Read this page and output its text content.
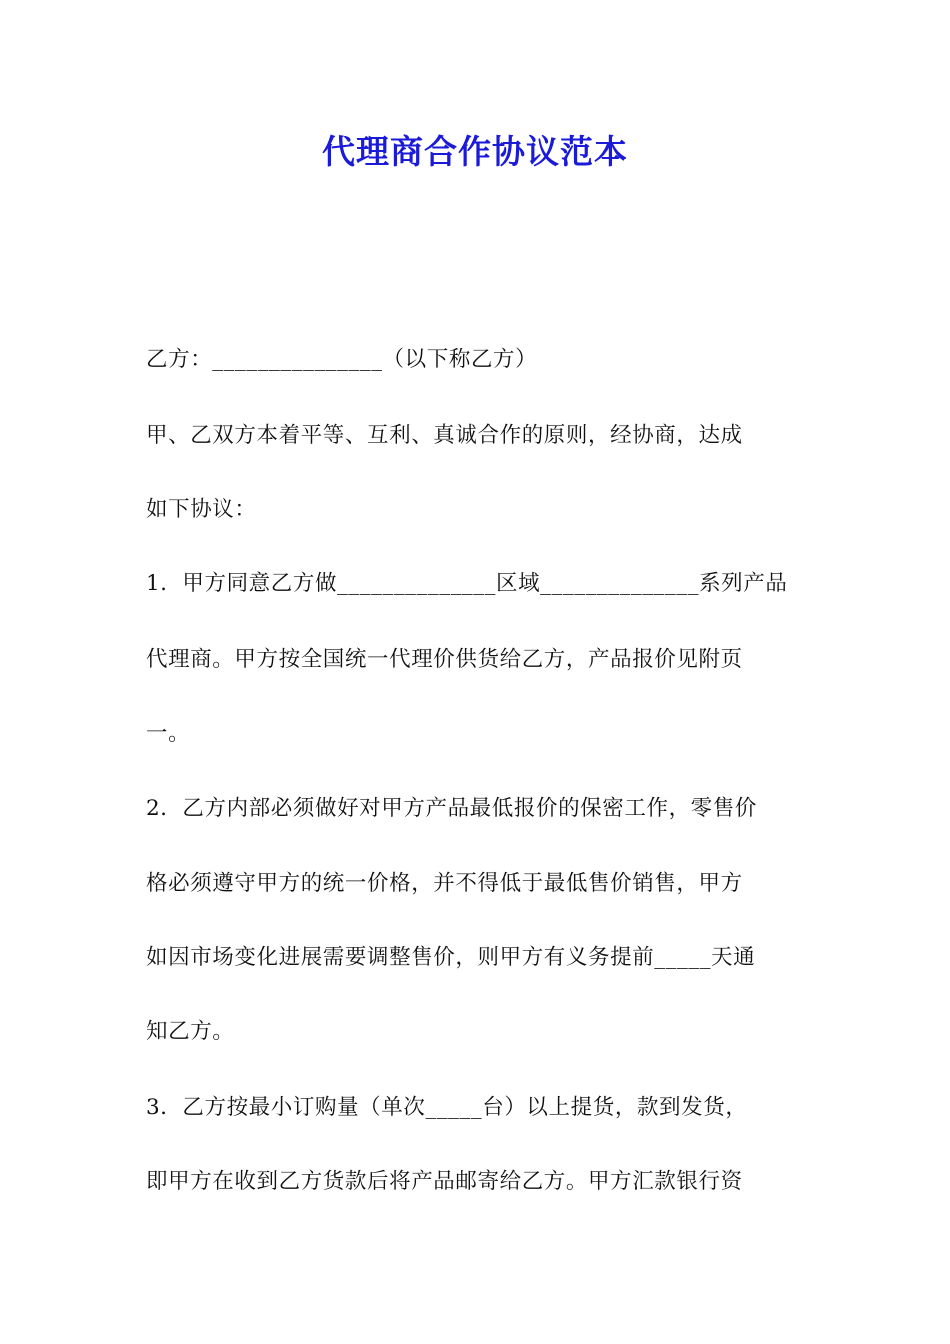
代理商合作协议范本
乙方：_______________（以下称乙方）
甲、乙双方本着平等、互利、真诚合作的原则，经协商，达成
如下协议：
1．甲方同意乙方做______________区域______________系列产品
代理商。甲方按全国统一代理价供货给乙方，产品报价见附页
一。
2．乙方内部必须做好对甲方产品最低报价的保密工作，零售价
格必须遵守甲方的统一价格，并不得低于最低售价销售，甲方
如因市场变化进展需要调整售价，则甲方有义务提前_____天通
知乙方。
3．乙方按最小订购量（单次_____台）以上提货，款到发货，
即甲方在收到乙方货款后将产品邮寄给乙方。甲方汇款银行资
